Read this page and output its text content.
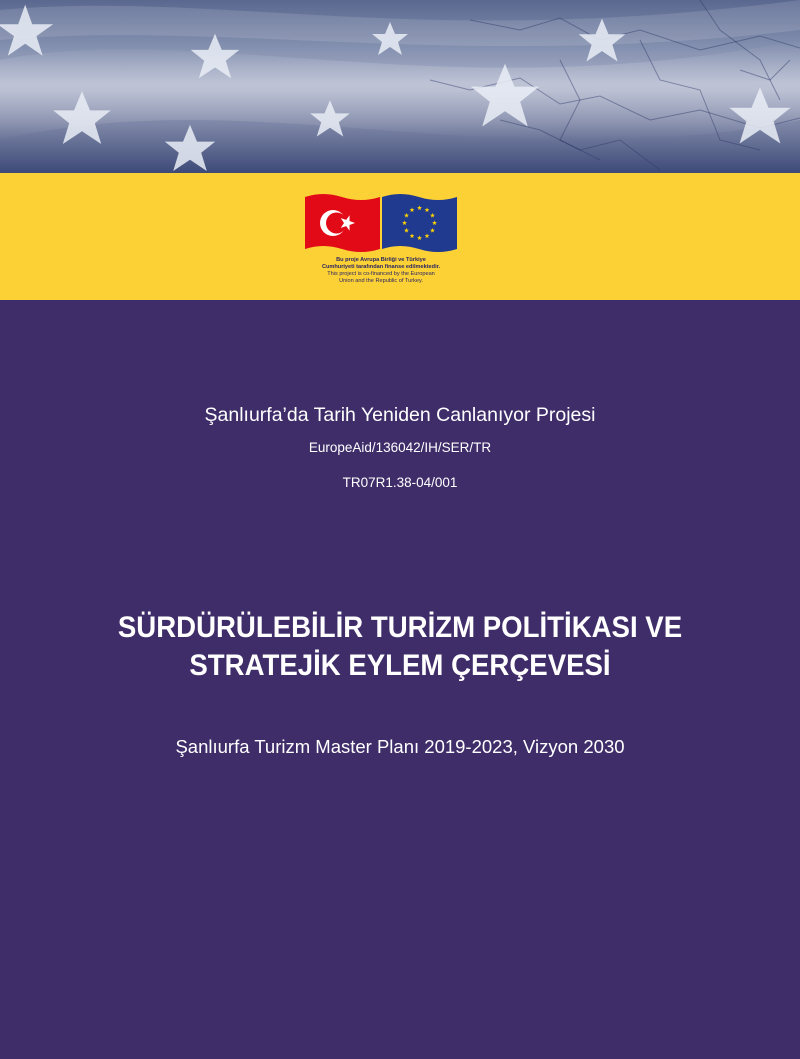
Bu proje Avrupa Birliği ve Türkiye
Cumhuriyeti tarafından finanse edilmektedir.
This project is co-financed by the European
Union and the Republic of Turkey.
Şanlıurfa’da Tarih Yeniden Canlanıyor Projesi
EuropeAid/136042/IH/SER/TR
TR07R1.38-04/001
SÜRDÜRÜLEBİLİR TURİZM POLİTİKASI VE
STRATEJİK EYLEM ÇERÇEVESİ
Şanlıurfa Turizm Master Planı 2019-2023, Vizyon 2030
